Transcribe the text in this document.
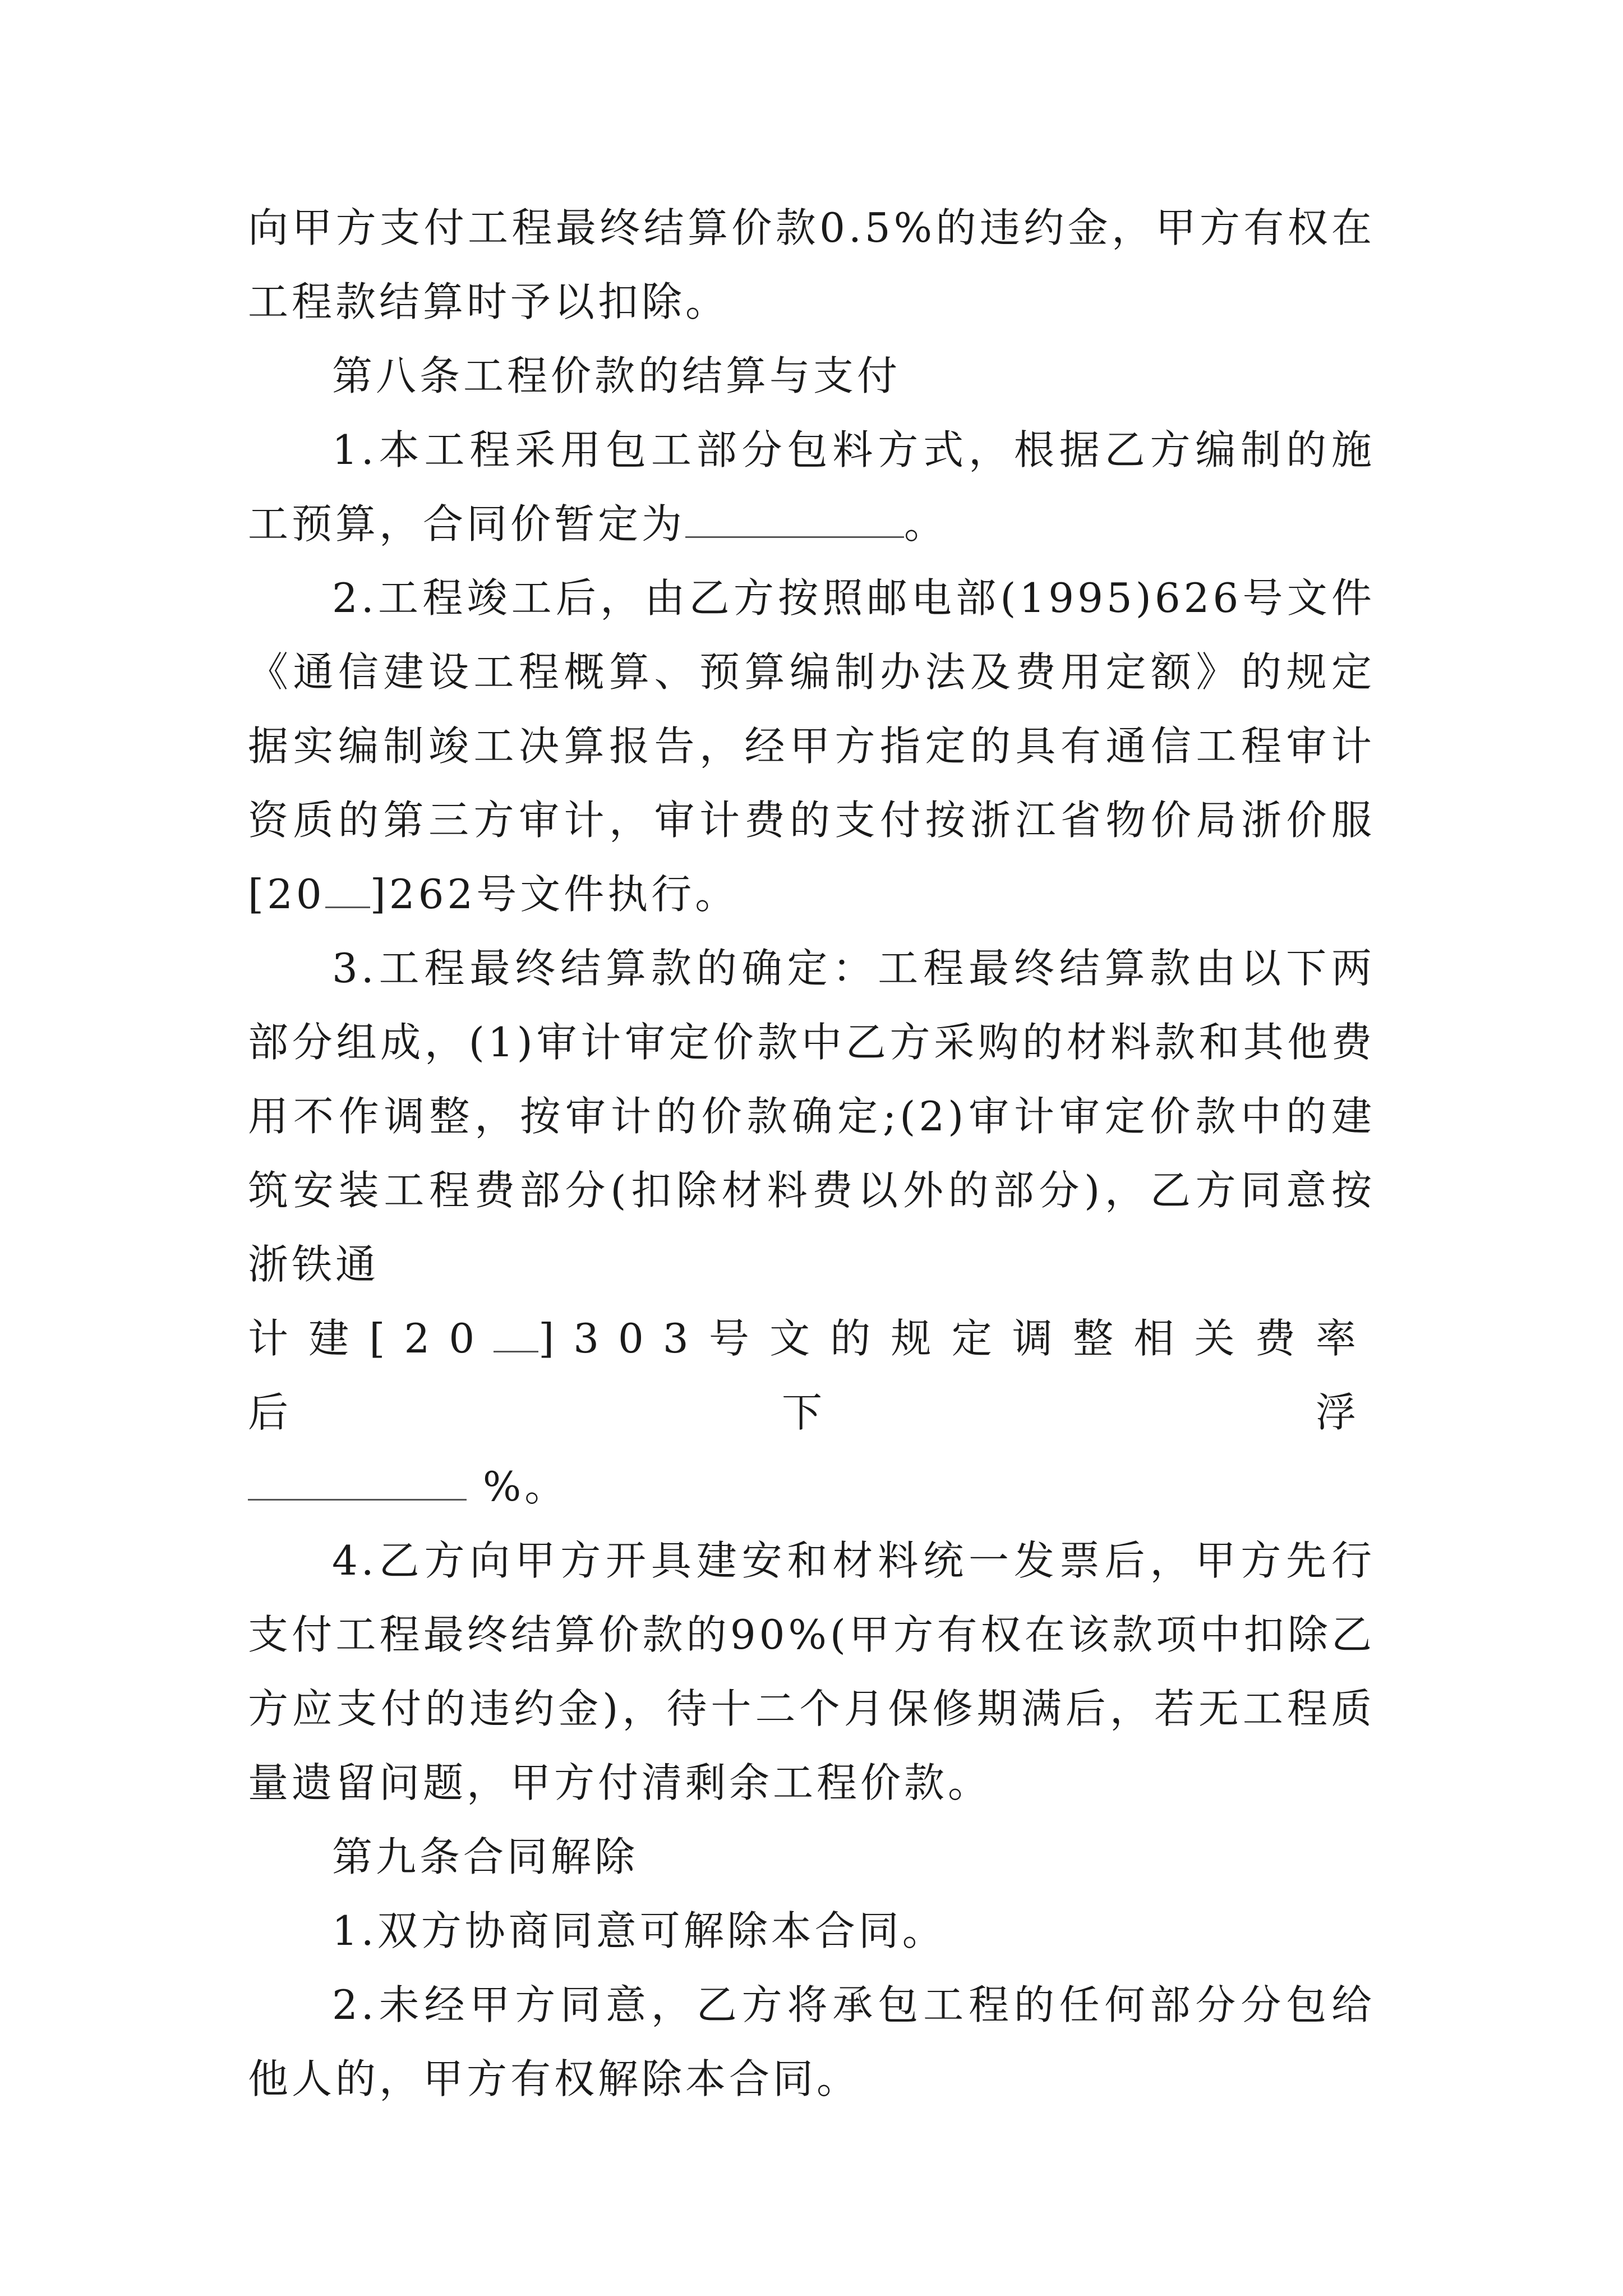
向甲方支付工程最终结算价款0.5%的违约金，甲方有权在工程款结算时予以扣除。

第八条工程价款的结算与支付

1.本工程采用包工部分包料方式，根据乙方编制的施工预算，合同价暂定为	。

2.工程竣工后，由乙方按照邮电部(1995)626号文件《通信建设工程概算、预算编制办法及费用定额》的规定据实编制竣工决算报告，经甲方指定的具有通信工程审计资质的第三方审计，审计费的支付按浙江省物价局浙价服[20 ]262号文件执行。

3.工程最终结算款的确定：工程最终结算款由以下两部分组成，(1)审计审定价款中乙方采购的材料款和其他费用不作调整，按审计的价款确定;(2)审计审定价款中的建筑安装工程费部分(扣除材料费以外的部分)，乙方同意按浙铁通

计建[20 ]303号文的规定调整相关费率后下浮

%。

4.乙方向甲方开具建安和材料统一发票后，甲方先行支付工程最终结算价款的90%(甲方有权在该款项中扣除乙方应支付的违约金)，待十二个月保修期满后，若无工程质量遗留问题，甲方付清剩余工程价款。

第九条合同解除

1.双方协商同意可解除本合同。

2.未经甲方同意，乙方将承包工程的任何部分分包给他人的，甲方有权解除本合同。
